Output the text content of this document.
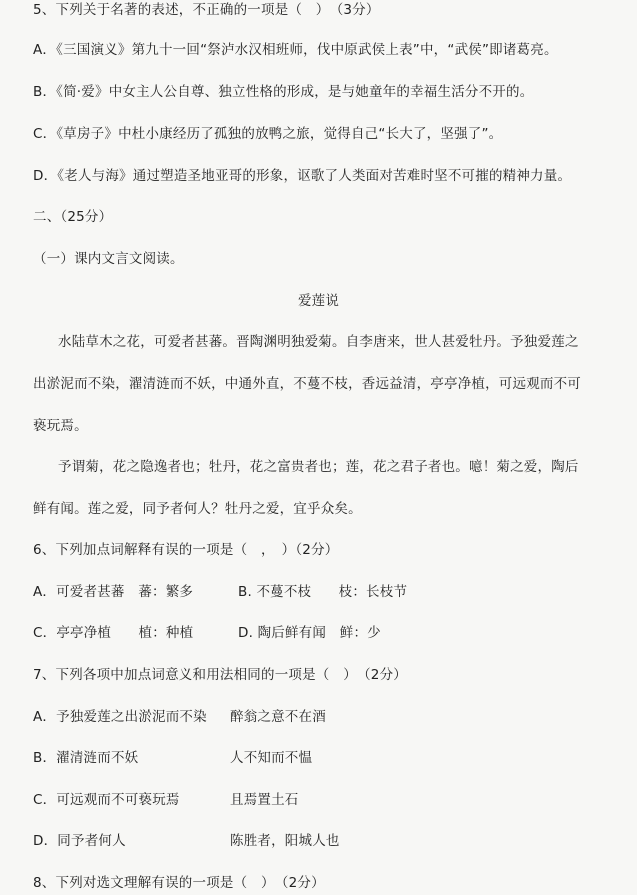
5、下列关于名著的表述，不正确的一项是（　）　（3分）
A．《三国演义》第九十一回“祭泸水汉相班师，伐中原武侯上表”中，“武侯”即诸葛亮。
B．《简·爱》中女主人公自尊、独立性格的形成，是与她童年的幸福生活分不开的。
C．《草房子》中杜小康经历了孤独的放鸭之旅，觉得自己“长大了，坚强了”。
D．《老人与海》通过塑造圣地亚哥的形象，讴歌了人类面对苦难时坚不可摧的精神力量。
二、（25分）
（一）课内文言文阅读。
爱莲说
水陆草木之花，可爱者甚蕃。晋陶渊明独爱菊。自李唐来，世人甚爱牡丹。予独爱莲之
出淤泥而不染，濯清涟而不妖，中通外直，不蔓不枝，香远益清，亭亭净植，可远观而不可
亵玩焉。
予谓菊，花之隐逸者也；牡丹，花之富贵者也；莲，花之君子者也。噫！菊之爱，陶后
鲜有闻。莲之爱，同予者何人？牡丹之爱，宜乎众矣。
6、下列加点词解释有误的一项是（　，　）（2分）
A．可爱者甚蕃　蕃：繁多	B. 不蔓不枝　　枝：长枝节
C．亭亭净植　　植：种植	D. 陶后鲜有闻　鲜：少
7、下列各项中加点词意义和用法相同的一项是（　）　（2分）
A．予独爱莲之出淤泥而不染 醉翁之意不在酒
B．濯清涟而不妖	人不知而不愠
C．可远观而不可亵玩焉	且焉置土石
D．同予者何人	陈胜者，阳城人也
8、下列对选文理解有误的一项是（　）　（2分）
